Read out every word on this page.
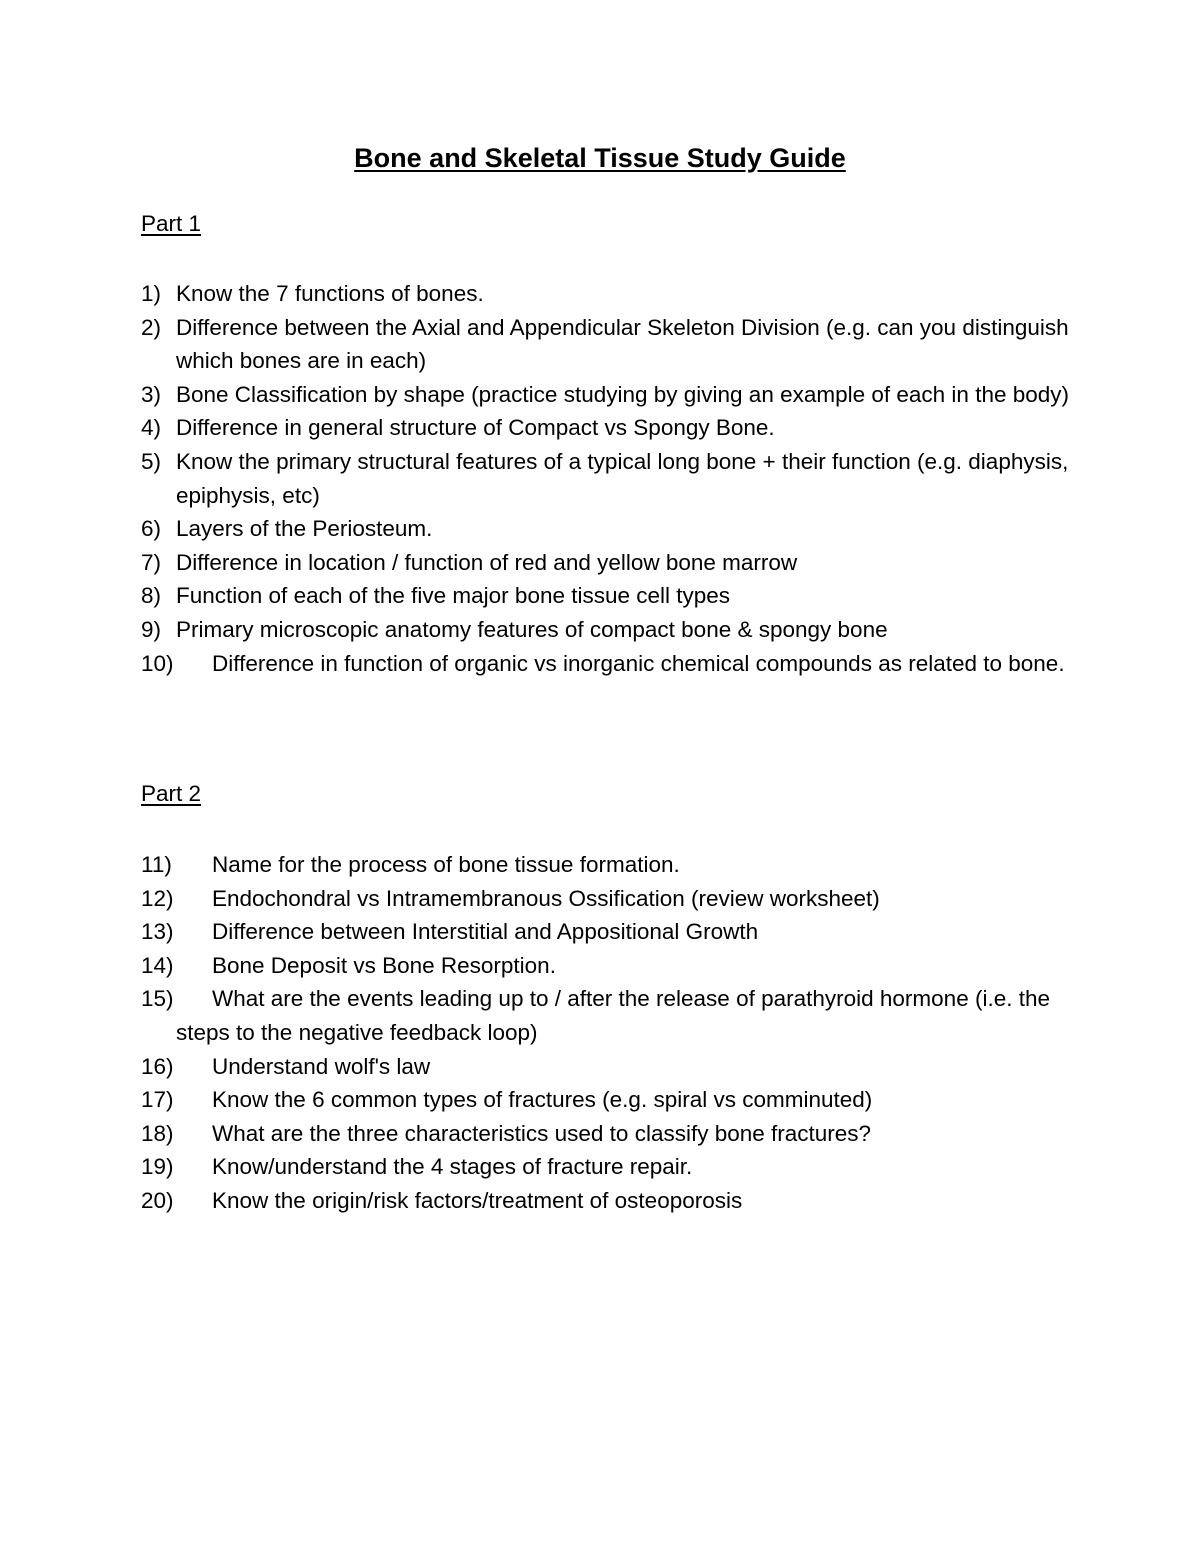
Bone and Skeletal Tissue Study Guide
Part 1
1) Know the 7 functions of bones.
2) Difference between the Axial and Appendicular Skeleton Division (e.g. can you distinguish which bones are in each)
3) Bone Classification by shape (practice studying by giving an example of each in the body)
4) Difference in general structure of Compact vs Spongy Bone.
5) Know the primary structural features of a typical long bone + their function (e.g. diaphysis, epiphysis, etc)
6) Layers of the Periosteum.
7) Difference in location / function of red and yellow bone marrow
8) Function of each of the five major bone tissue cell types
9) Primary microscopic anatomy features of compact bone & spongy bone
10)	Difference in function of organic vs inorganic chemical compounds as related to bone.
Part 2
11)	Name for the process of bone tissue formation.
12)	Endochondral vs Intramembranous Ossification (review worksheet)
13)	Difference between Interstitial and Appositional Growth
14)	Bone Deposit vs Bone Resorption.
15)	What are the events leading up to / after the release of parathyroid hormone (i.e. the steps to the negative feedback loop)
16)	Understand wolf's law
17)	Know the 6 common types of fractures (e.g. spiral vs comminuted)
18)	What are the three characteristics used to classify bone fractures?
19)	Know/understand the 4 stages of fracture repair.
20)	Know the origin/risk factors/treatment of osteoporosis
